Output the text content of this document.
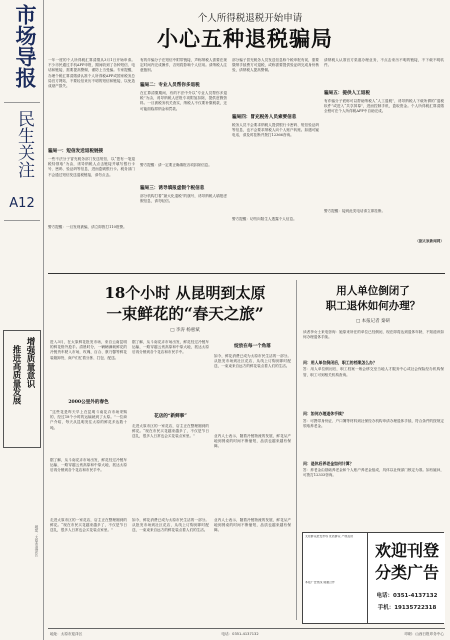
市场导报
民生关注
A12
增强质量意识
推进高质量发展
地址：太原市迎泽区
个人所得税退税开始申请
小心五种退税骗局
一年一度的个人所得税汇算清缴从3月1日开始申请。不少市民通过手机APP申报，期间收到了各种短信、电话和链接，需要提高警惕，谨防上当受骗。专家提醒，办理个税汇算清缴请认准个人所得税APP或国家税务总局官方网站，不要轻信来历不明的短信和链接，以免造成财产损失。
骗局一：短信发送退税链接
一些不法分子冒充税务部门发送短信，以“您有一笔退税待领取”为由，诱导纳税人点击链接并填写银行卡号、密码、验证码等信息，进而盗刷银行卡。税务部门不会通过短信发送退税链接，请勿点击。
警方提醒：一旦发现被骗，请立即拨打110报警。
有的诈骗分子在短信中附带链接，声称纳税人需要在规定时间内完成操作，否则将影响个人信用。请纳税人注意甄别。
骗局二：专业人员帮你多退税
在汇算清缴期间，有的不法中介以“专业人员帮你多退税”为由，诱导纳税人虚报专项附加扣除，提供虚假资料。一旦被税务机关查实，纳税人不仅要补缴税款，还可能面临滞纳金和罚款。
警方提醒：请一定要正确填报各项扣除信息。
骗局三：诱导填报虚假个税信息
部分机构打着“最大化退税”的旗号，诱导纳税人填报虚假信息，请勿轻信。
部分骗子冒充税务人员发送信息称个税申报有误，需要缴纳手续费方可退税，或称需要提供验证码完成身份核验，请纳税人提高警惕。
骗局四：冒充税务人员索要信息
税务人员不会要求纳税人提供银行卡密码、短信验证码等信息，也不会要求纳税人向个人账户转账。如遇可疑电话，请及时挂断并拨打12366咨询。
警方提醒：切勿向陌生人透露个人信息。
请纳税人认准官方渠道办理业务，不点击来历不明的链接，不下载不明软件。
骗局五：提供人工退税
有诈骗分子谎称可以帮助纳税人“人工退税”，诱导纳税人下载所谓的“退税软件”或进入“共享屏幕”，进而控制手机，盗取资金。个人所得税汇算清缴全程可在个人所得税APP中自助完成。
警方提醒：接到此类电话请立即挂断。
（据太原新闻网）
18个小时 从昆明到太原
一束鲜花的“春天之旅”
□ 李涛 杨惠斌
进入3月，在太原鲜花批发市场，来自云南昆明的鲜花格外抢手。清晨时分，一辆辆满载鲜花的冷链货车驶入市场，玫瑰、百合、康乃馨等鲜花装箱卸货，商户们忙着分拣、打包、配送。
2000公里外的春色
“这些花是昨天早上在昆明斗南花卉市场采购的，经过18个小时的运输就到了太原。”一位商户介绍，每天从昆明发往太原的鲜花多达数十吨。
据了解，从斗南花卉市场出发，鲜花经过冷链车运输，一路穿越云贵高原和中原大地，抵达太原后再分销到各个花店和市民手中。
据了解，从斗南花卉市场出发，鲜花经过冷链车运输，一路穿越云贵高原和中原大地，抵达太原后再分销到各个花店和市民手中。
花店的“新鲜事”
走进太原市区的一家花店，店主正在整理刚到的鲜花。“现在市民买花越来越多了，不仅是节日送礼，很多人日常也会买花装点家里。”
绽放在每一个角落
如今，鲜花消费已成为太原市民生活的一部分。从批发市场到社区花店，从线上订购到即时配送，一束束来自远方的鲜花装点着人们的生活。
业内人士表示，随着冷链物流的发展，鲜花从产地到餐桌的时间不断缩短，品质也越来越有保障。
走进太原市区的一家花店，店主正在整理刚到的鲜花。“现在市民买花越来越多了，不仅是节日送礼，很多人日常也会买花装点家里。”
如今，鲜花消费已成为太原市民生活的一部分。从批发市场到社区花店，从线上订购到即时配送，一束束来自远方的鲜花装点着人们的生活。
业内人士表示，随着冷链物流的发展，鲜花从产地到餐桌的时间不断缩短，品质也越来越有保障。
用人单位倒闭了
职工退休如何办理？
□ 本报记者 秦研
读者李女士来电咨询：她原来所在的单位已经倒闭，现在即将达到退休年龄，不知道该如何办理退休手续。
问：用人单位倒闭后，职工的档案怎么办？
答：用人单位倒闭后，职工档案一般会移交至当地人才服务中心或社会保险经办机构保管，职工可到相关机构查询。
问：如何办理退休手续？
答：可携带身份证、户口簿等材料到社保经办机构申请办理退休手续，符合条件的按规定领取养老金。
问：退休后养老金如何计算？
答：养老金由基础养老金和个人账户养老金组成，具体以社保部门核定为准。如有疑问，可拨打12333咨询。
太原鲜花批发市场 优质鲜花 产地直供
本报广告热线 诚邀合作
欢迎刊登
分类广告
电话：0351-4137132
手机：19135722318
地址：太原市迎泽区	电话：0351-4137132	印刷：山西日报印务中心
